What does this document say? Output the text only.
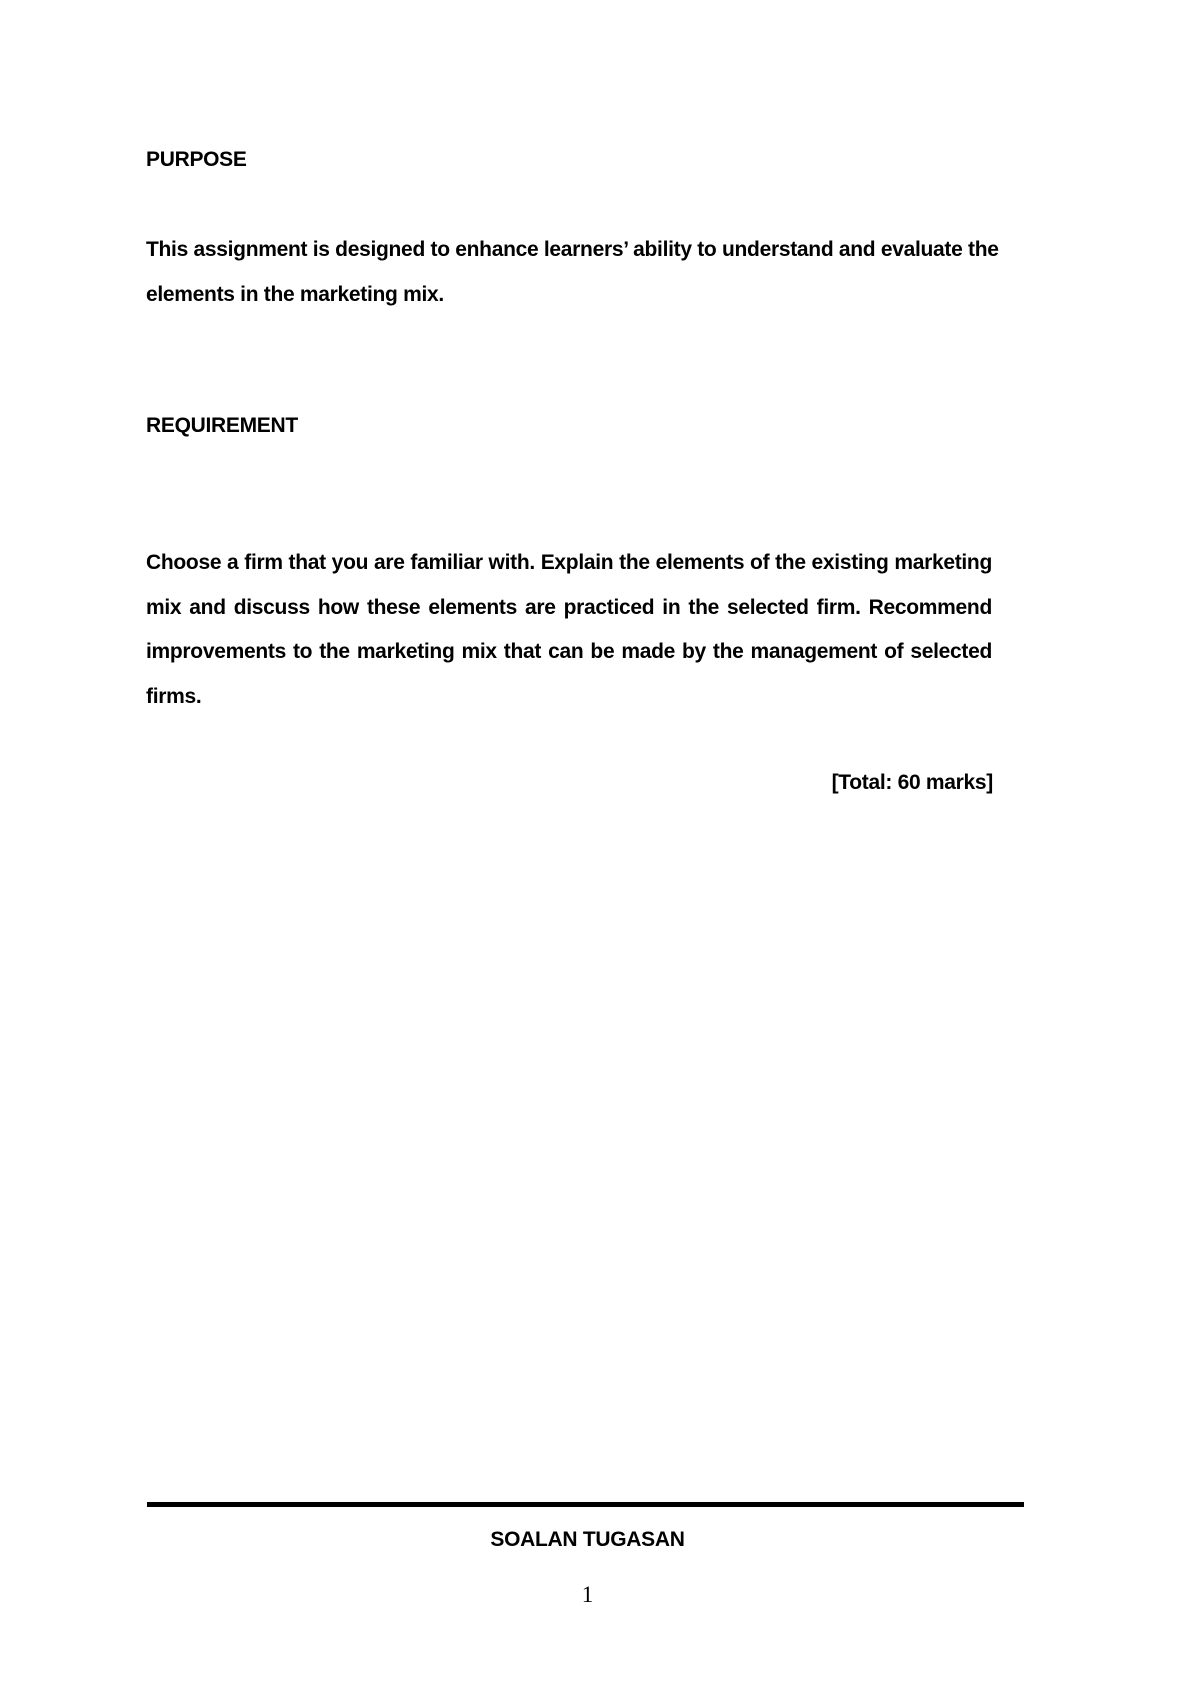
PURPOSE

This assignment is designed to enhance learners’ ability to understand and evaluate the elements in the marketing mix.

REQUIREMENT

Choose a firm that you are familiar with. Explain the elements of the existing marketing mix and discuss how these elements are practiced in the selected firm. Recommend improvements to the marketing mix that can be made by the management of selected firms.

[Total: 60 marks]
SOALAN TUGASAN
1
